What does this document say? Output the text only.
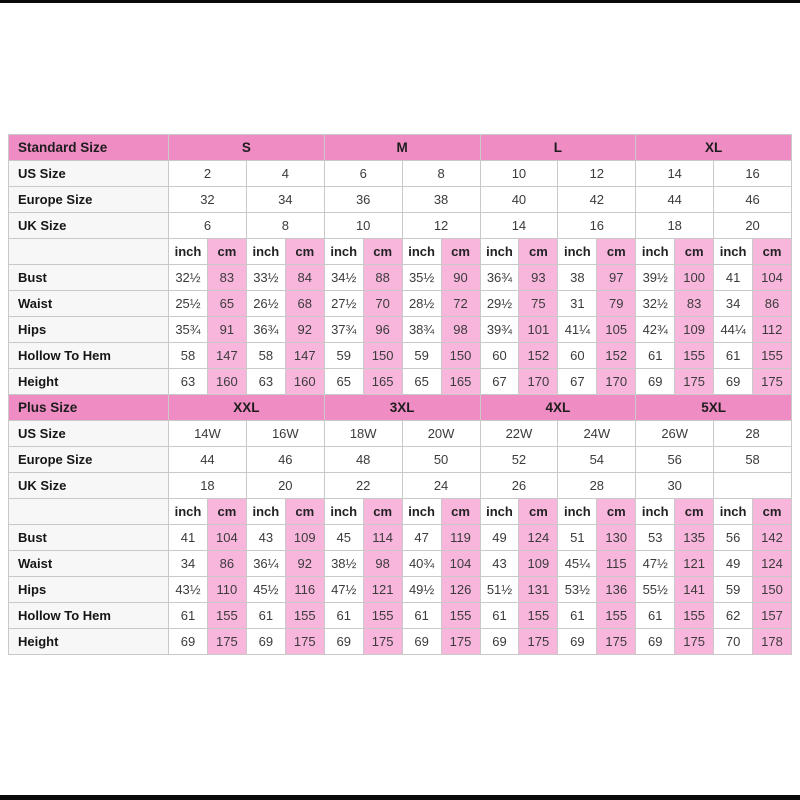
Standard Size	S				M				L				XL			
US Size	2		4		6		8		10		12		14		16	
Europe Size	32		34		36		38		40		42		44		46	
UK Size	6		8		10		12		14		16		18		20	
	inch	cm	inch	cm	inch	cm	inch	cm	inch	cm	inch	cm	inch	cm	inch	cm
Bust	32½	83	33½	84	34½	88	35½	90	36¾	93	38	97	39½	100	41	104
Waist	25½	65	26½	68	27½	70	28½	72	29½	75	31	79	32½	83	34	86
Hips	35¾	91	36¾	92	37¾	96	38¾	98	39¾	101	41¼	105	42¾	109	44¼	112
Hollow To Hem	58	147	58	147	59	150	59	150	60	152	60	152	61	155	61	155
Height	63	160	63	160	65	165	65	165	67	170	67	170	69	175	69	175
Plus Size	XXL				3XL				4XL				5XL			
US Size	14W		16W		18W		20W		22W		24W		26W		28	
Europe Size	44		46		48		50		52		54		56		58	
UK Size	18		20		22		24		26		28		30			
	inch	cm	inch	cm	inch	cm	inch	cm	inch	cm	inch	cm	inch	cm	inch	cm
Bust	41	104	43	109	45	114	47	119	49	124	51	130	53	135	56	142
Waist	34	86	36¼	92	38½	98	40¾	104	43	109	45¼	115	47½	121	49	124
Hips	43½	110	45½	116	47½	121	49½	126	51½	131	53½	136	55½	141	59	150
Hollow To Hem	61	155	61	155	61	155	61	155	61	155	61	155	61	155	62	157
Height	69	175	69	175	69	175	69	175	69	175	69	175	69	175	70	178
